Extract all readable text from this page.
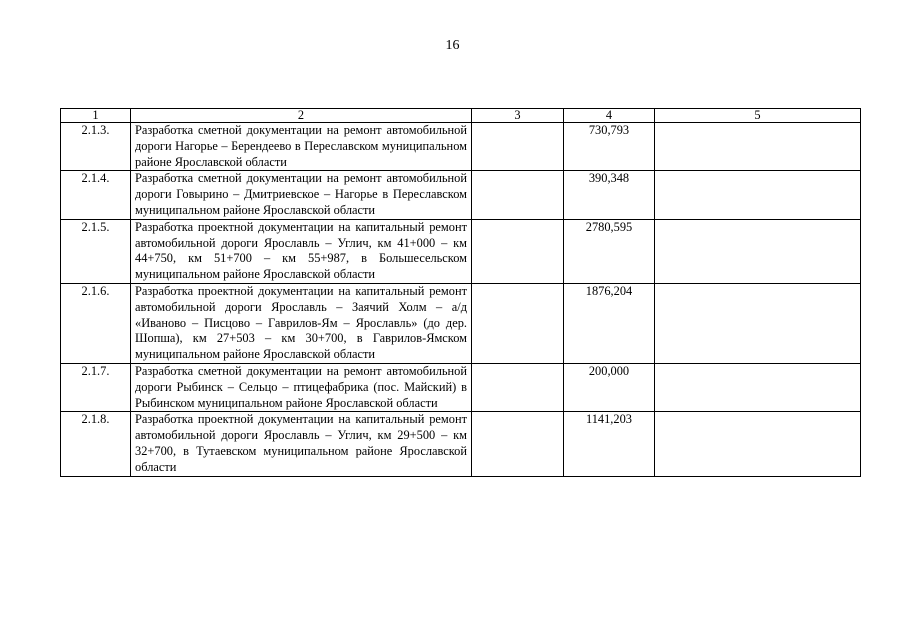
16
1	2	3	4	5
2.1.3.	Разработка сметной документации на ремонт автомобильной дороги Нагорье – Берендеево в Переславском муниципальном районе Ярославской области		730,793	
2.1.4.	Разработка сметной документации на ремонт автомобильной дороги Говырино – Дмитриевское – Нагорье в Переславском муниципальном районе Ярославской области		390,348	
2.1.5.	Разработка проектной документации на капитальный ремонт автомобильной дороги Ярославль – Углич, км 41+000 – км 44+750, км 51+700 – км 55+987, в Большесельском муниципальном районе Ярославской области		2780,595	
2.1.6.	Разработка проектной документации на капитальный ремонт автомобильной дороги Ярославль – Заячий Холм – а/д «Иваново – Писцово – Гаврилов-Ям – Ярославль» (до дер. Шопша), км 27+503 – км 30+700, в Гаврилов-Ямском муниципальном районе Ярославской области		1876,204	
2.1.7.	Разработка сметной документации на ремонт автомобильной дороги Рыбинск – Сельцо – птицефабрика (пос. Майский) в Рыбинском муниципальном районе Ярославской области		200,000	
2.1.8.	Разработка проектной документации на капитальный ремонт автомобильной дороги Ярославль – Углич, км 29+500 – км 32+700, в Тутаевском муниципальном районе Ярославской области		1141,203	
